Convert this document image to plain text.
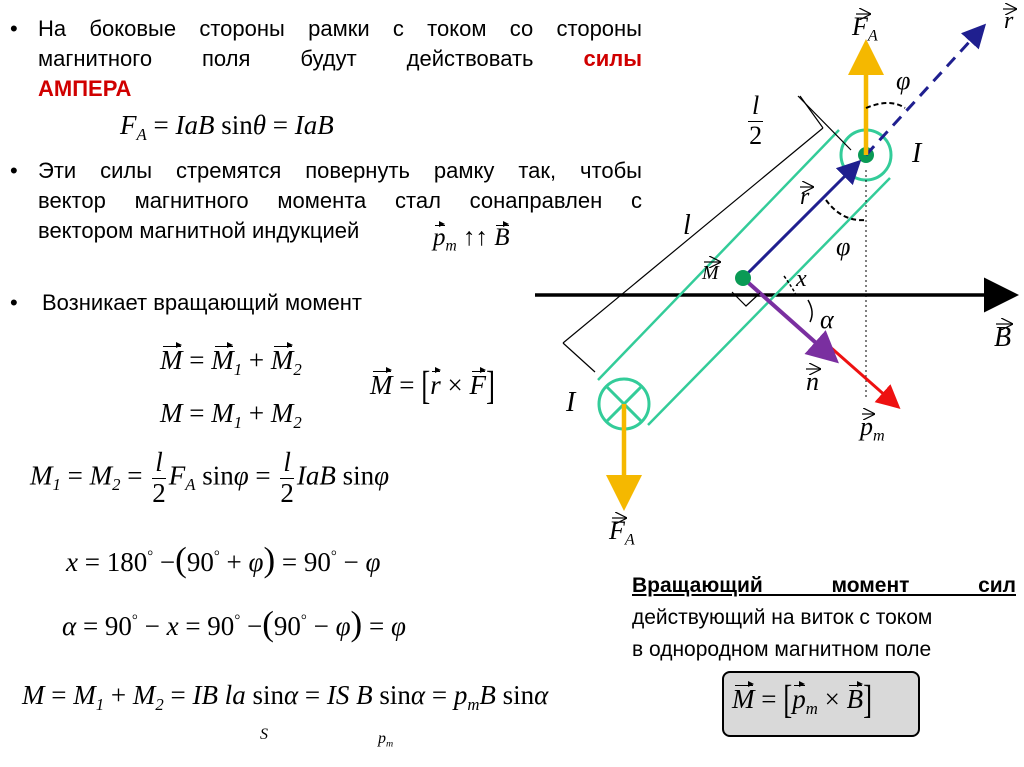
• На боковые стороны рамки с током со стороны
магнитного поля будут действовать силы
АМПЕРА
$F_A$ = IaB sinθ = IaB
• Эти силы стремятся повернуть рамку так, чтобы
вектор магнитного момента стал сонаправлен с
вектором магнитной индукцией	$p_m$ ↑↑ B
• Возникает вращающий момент
$M = M_1 + M_2$
$M = M_1 + M_2$
M = [r × F]
$M_1 = M_2 = \frac{l}{2} F_A$ $\sin\varphi = \frac{l}{2}$ IaB sinφ
x = 180° −(90° + φ) = 90° − φ
α = 90° − x = 90° −(90° − φ) = φ
$M = M_1 + M_2$ = IB la sinα = IS B $\sin\alpha = p_mB$ sinα
S	$p_m$
$F_A$
$F_A$
r
r
φ
φ
I
I
l
$\frac{l}{2}$
M	x
α
n
B
$p_m$
Вращающий момент сил
действующий на виток с током
в однородном магнитном поле
$M = [p_m \times B]$
